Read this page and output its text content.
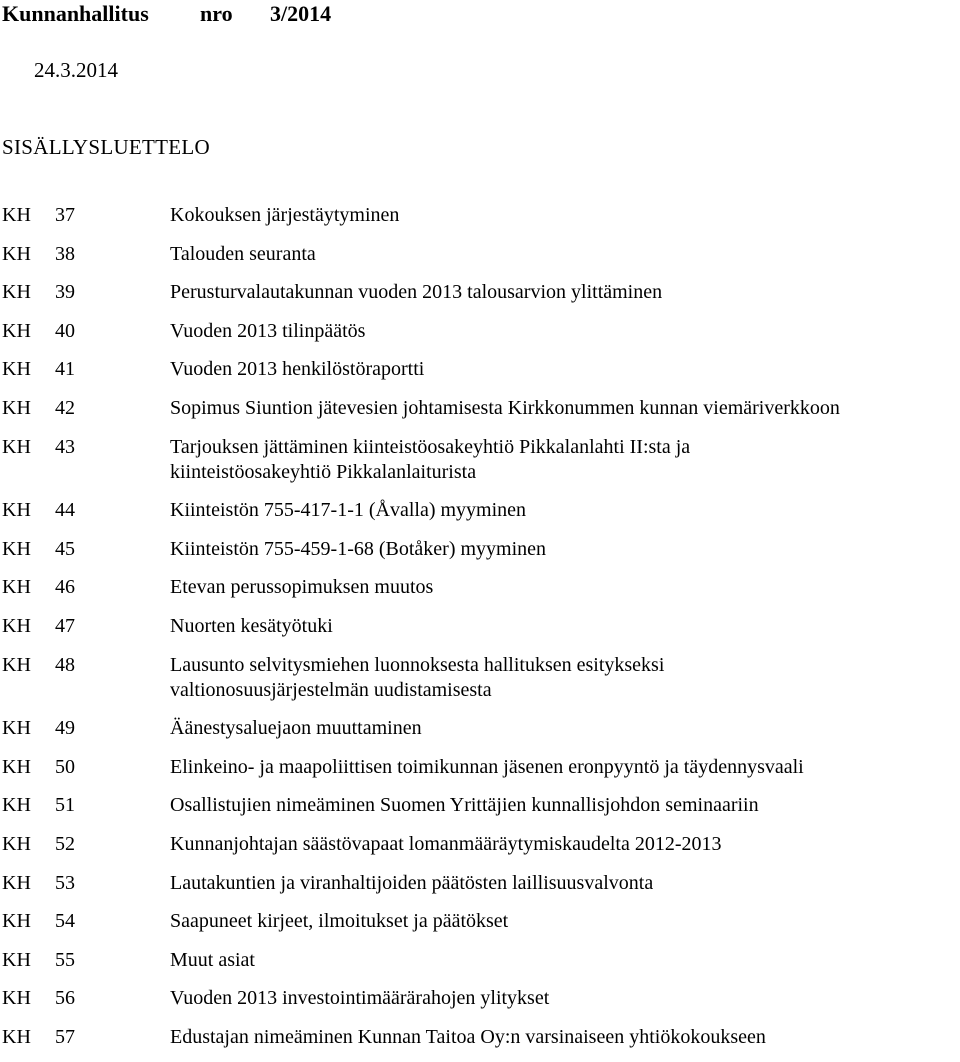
Kunnanhallitus nro 3/2014
24.3.2014
SISÄLLYSLUETTELO
KH 37	Kokouksen järjestäytyminen
KH 38	Talouden seuranta
KH 39	Perusturvalautakunnan vuoden 2013 talousarvion ylittäminen
KH 40	Vuoden 2013 tilinpäätös
KH 41	Vuoden 2013 henkilöstöraportti
KH 42	Sopimus Siuntion jätevesien johtamisesta Kirkkonummen kunnan viemäriverkkoon
KH 43	Tarjouksen jättäminen kiinteistöosakeyhtiö Pikkalanlahti II:sta ja
kiinteistöosakeyhtiö Pikkalanlaiturista
KH 44	Kiinteistön 755-417-1-1 (Åvalla) myyminen
KH 45	Kiinteistön 755-459-1-68 (Botåker) myyminen
KH 46	Etevan perussopimuksen muutos
KH 47	Nuorten kesätyötuki
KH 48	Lausunto selvitysmiehen luonnoksesta hallituksen esitykseksi
valtionosuusjärjestelmän uudistamisesta
KH 49	Äänestysaluejaon muuttaminen
KH 50	Elinkeino- ja maapoliittisen toimikunnan jäsenen eronpyyntö ja täydennysvaali
KH 51	Osallistujien nimeäminen Suomen Yrittäjien kunnallisjohdon seminaariin
KH 52	Kunnanjohtajan säästövapaat lomanmääräytymiskaudelta 2012-2013
KH 53	Lautakuntien ja viranhaltijoiden päätösten laillisuusvalvonta
KH 54	Saapuneet kirjeet, ilmoitukset ja päätökset
KH 55	Muut asiat
KH 56	Vuoden 2013 investointimäärärahojen ylitykset
KH 57	Edustajan nimeäminen Kunnan Taitoa Oy:n varsinaiseen yhtiökokoukseen
